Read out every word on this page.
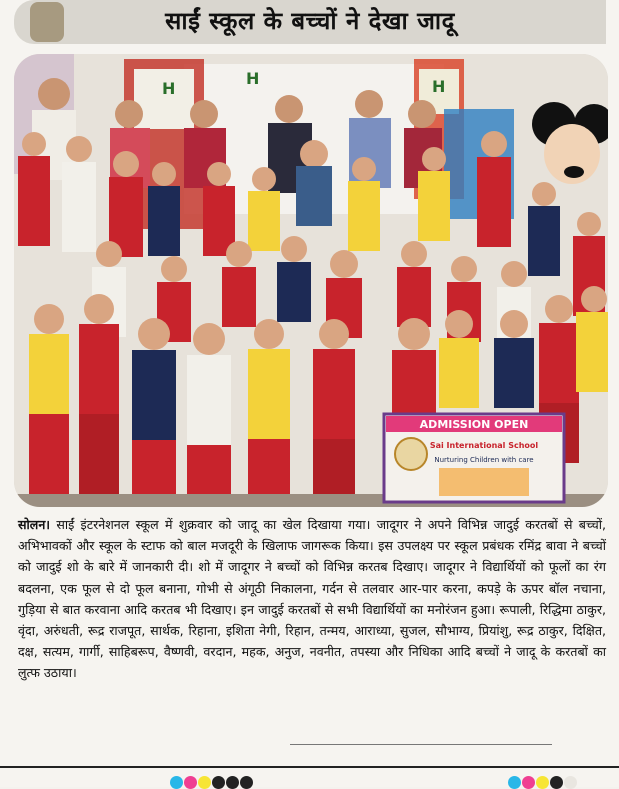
साईं स्कूल के बच्चों ने देखा जादू
H	H
H
ADMISSION OPEN
Sai International School
Nurturing Children with care
सोलन। साईं इंटरनेशनल स्कूल में शुक्रवार को जादू का खेल दिखाया गया। जादूगर ने अपने विभिन्न जादुई करतबों से बच्चों, अभिभावकों और स्कूल के स्टाफ को बाल मजदूरी के खिलाफ जागरूक किया। इस उपलक्ष्य पर स्कूल प्रबंधक रमिंद्र बावा ने बच्चों को जादुई शो के बारे में जानकारी दी। शो में जादूगर ने बच्चों को विभिन्न करतब दिखाए। जादूगर ने विद्यार्थियों को फूलों का रंग बदलना, एक फूल से दो फूल बनाना, गोभी से अंगूठी निकालना, गर्दन से तलवार आर-पार करना, कपड़े के ऊपर बॉल नचाना, गुड़िया से बात करवाना आदि करतब भी दिखाए। इन जादुई करतबों से सभी विद्यार्थियों का मनोरंजन हुआ। रूपाली, रिद्धिमा ठाकुर, वृंदा, अरुंधती, रूद्र राजपूत, सार्थक, रिहाना, इशिता नेगी, रिहान, तन्मय, आराध्या, सुजल, सौभाग्य, प्रियांशु, रूद्र ठाकुर, दिक्षित, दक्ष, सत्यम, गार्गी, साहिबरूप, वैष्णवी, वरदान, महक, अनुज, नवनीत, तपस्या और निधिका आदि बच्चों ने जादू के करतबों का लुत्फ उठाया।
